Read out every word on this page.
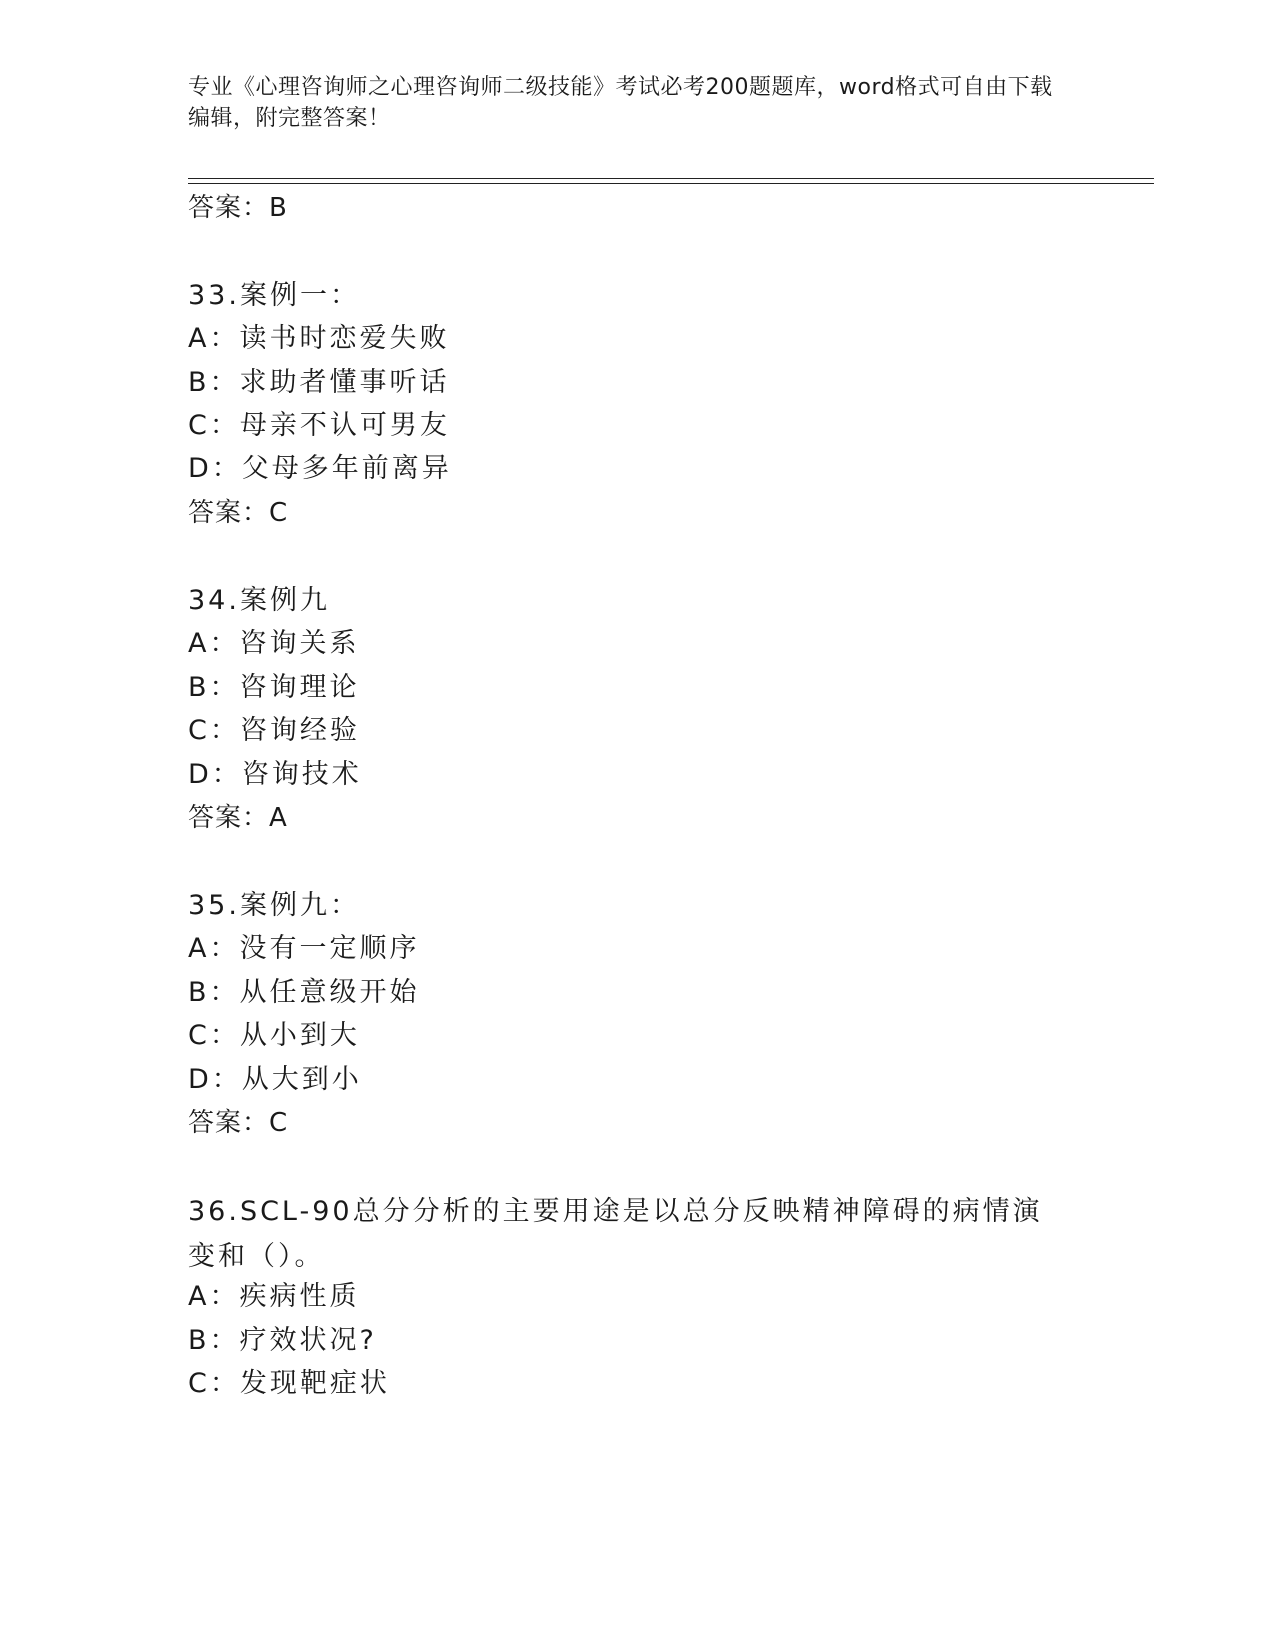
专业《心理咨询师之心理咨询师二级技能》考试必考200题题库，word格式可自由下载编辑，附完整答案！
答案：B
33.案例一：
A：读书时恋爱失败
B：求助者懂事听话
C：母亲不认可男友
D：父母多年前离异
答案：C
34.案例九
A：咨询关系
B：咨询理论
C：咨询经验
D：咨询技术
答案：A
35.案例九：
A：没有一定顺序
B：从任意级开始
C：从小到大
D：从大到小
答案：C
36.SCL-90总分分析的主要用途是以总分反映精神障碍的病情演变和（）。
A：疾病性质
B：疗效状况?
C：发现靶症状
